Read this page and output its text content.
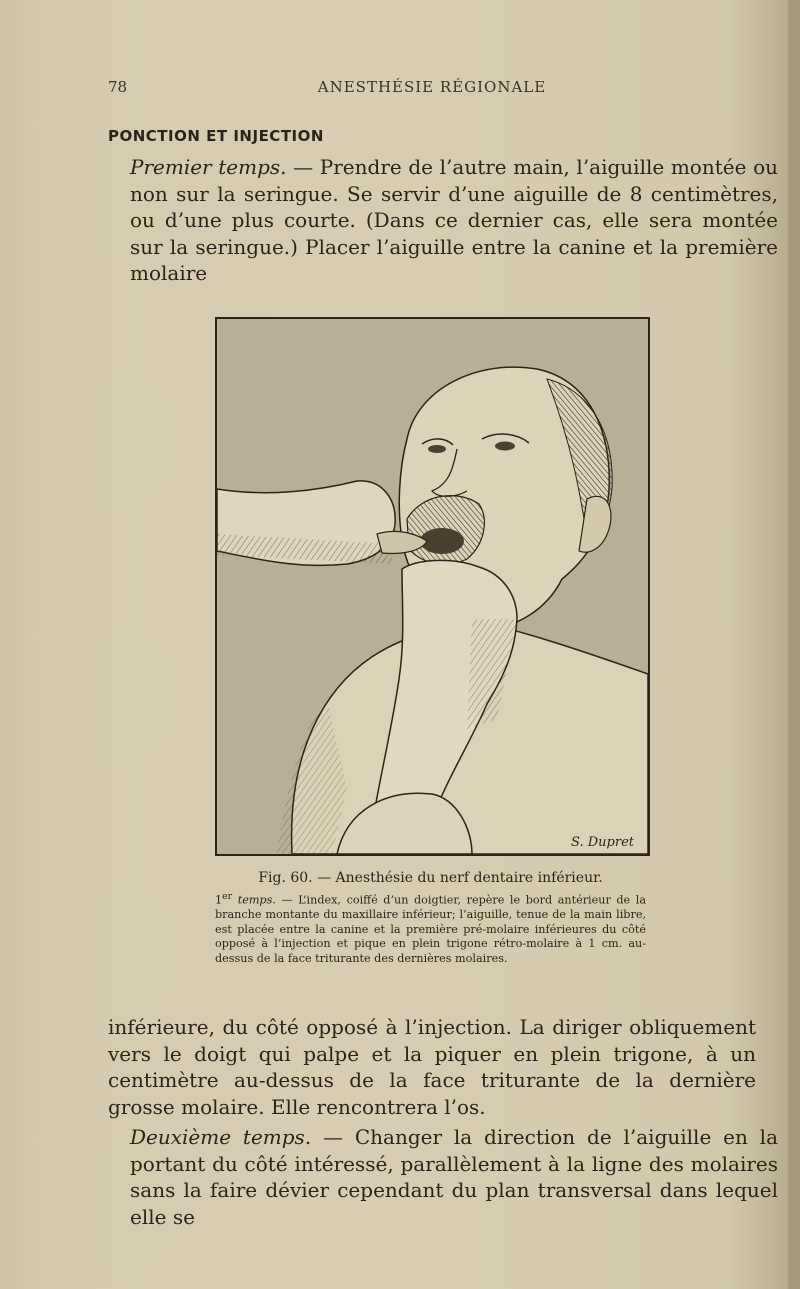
78	ANESTHÉSIE RÉGIONALE
PONCTION ET INJECTION
Premier temps. — Prendre de l’autre main, l’aiguille montée ou non sur la seringue. Se servir d’une aiguille de 8 centimètres, ou d’une plus courte. (Dans ce dernier cas, elle sera montée sur la seringue.) Placer l’aiguille entre la canine et la première molaire
S. Dupret
Fig. 60. — Anesthésie du nerf dentaire inférieur.
1er temps. — L’index, coiffé d’un doigtier, repère le bord antérieur de la branche montante du maxillaire inférieur; l’aiguille, tenue de la main libre, est placée entre la canine et la première pré-molaire inférieures du côté opposé à l’injection et pique en plein trigone rétro-molaire à 1 cm. au-dessus de la face triturante des dernières molaires.
inférieure, du côté opposé à l’injection. La diriger obliquement vers le doigt qui palpe et la piquer en plein trigone, à un centimètre au-dessus de la face triturante de la dernière grosse molaire. Elle rencontrera l’os.
Deuxième temps. — Changer la direction de l’aiguille en la portant du côté intéressé, parallèlement à la ligne des molaires sans la faire dévier cependant du plan transversal dans lequel elle se
